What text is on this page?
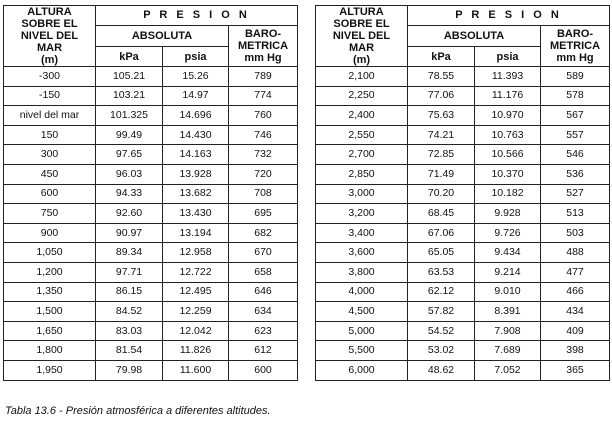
ALTURA
SOBRE EL
NIVEL DEL
MAR
(m)	P R E S I O N		
	ABSOLUTA		BARO-
METRICA
mm Hg
	kPa	psia	
-300	105.21	15.26	789
-150	103.21	14.97	774
nivel del mar	101.325	14.696	760
150	99.49	14.430	746
300	97.65	14.163	732
450	96.03	13.928	720
600	94.33	13.682	708
750	92.60	13.430	695
900	90.97	13.194	682
1,050	89.34	12.958	670
1,200	97.71	12.722	658
1,350	86.15	12.495	646
1,500	84.52	12.259	634
1,650	83.03	12.042	623
1,800	81.54	11.826	612
1,950	79.98	11.600	600
ALTURA
SOBRE EL
NIVEL DEL
MAR
(m)	P R E S I O N		
	ABSOLUTA		BARO-
METRICA
mm Hg
	kPa	psia	
2,100	78.55	11.393	589
2,250	77.06	11.176	578
2,400	75.63	10.970	567
2,550	74.21	10.763	557
2,700	72.85	10.566	546
2,850	71.49	10.370	536
3,000	70.20	10.182	527
3,200	68.45	9.928	513
3,400	67.06	9.726	503
3,600	65.05	9.434	488
3,800	63.53	9.214	477
4,000	62.12	9.010	466
4,500	57.82	8.391	434
5,000	54.52	7.908	409
5,500	53.02	7.689	398
6,000	48.62	7.052	365
Tabla 13.6 - Presión atmosférica a diferentes altitudes.
